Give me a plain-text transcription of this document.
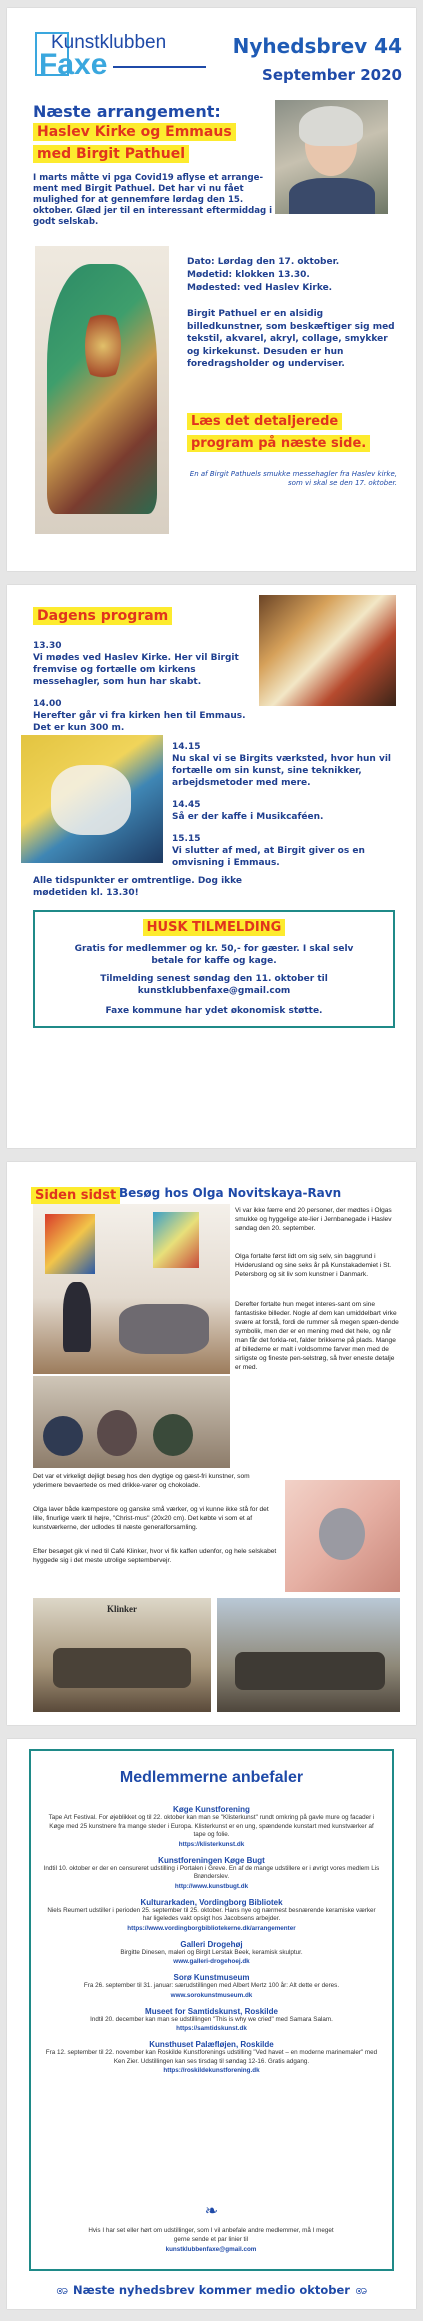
Kunstklubben
Faxe
Nyhedsbrev 44
September 2020
Næste arrangement:
Haslev Kirke og Emmaus
med Birgit Pathuel
I marts måtte vi pga Covid19 aflyse et arrange-ment med Birgit Pathuel. Det har vi nu fået mulighed for at gennemføre lørdag den 15. oktober. Glæd jer til en interessant eftermiddag i godt selskab.
Dato: Lørdag den 17. oktober.
Mødetid: klokken 13.30.
Mødested: ved Haslev Kirke.
Birgit Pathuel er en alsidig billedkunstner, som beskæftiger sig med tekstil, akvarel, akryl, collage, smykker og kirkekunst. Desuden er hun foredragsholder og underviser.
Læs det detaljerede program på næste side.
En af Birgit Pathuels smukke messehagler fra Haslev kirke, som vi skal se den 17. oktober.
Dagens program
13.30
Vi mødes ved Haslev Kirke. Her vil Birgit fremvise og fortælle om kirkens messehagler, som hun har skabt.
14.00
Herefter går vi fra kirken hen til Emmaus. Det er kun 300 m.
14.15
Nu skal vi se Birgits værksted, hvor hun vil fortælle om sin kunst, sine teknikker, arbejdsmetoder med mere.
14.45
Så er der kaffe i Musikcaféen.
15.15
Vi slutter af med, at Birgit giver os en omvisning i Emmaus.
Alle tidspunkter er omtrentlige. Dog ikke mødetiden kl. 13.30!
HUSK TILMELDING
Gratis for medlemmer og kr. 50,- for gæster. I skal selv betale for kaffe og kage.
Tilmelding senest søndag den 11. oktober til
kunstklubbenfaxe@gmail.com
Faxe kommune har ydet økonomisk støtte.
Siden sidst Besøg hos Olga Novitskaya-Ravn
Vi var ikke færre end 20 personer, der mødtes i Olgas smukke og hyggelige ate-lier i Jernbanegade i Haslev søndag den 20. september.
Olga fortalte først lidt om sig selv, sin baggrund i Hviderusland og sine seks år på Kunstakademiet i St. Petersborg og sit liv som kunstner i Danmark.
Derefter fortalte hun meget interes-sant om sine fantastiske billeder. Nogle af dem kan umiddelbart virke svære at forstå, fordi de rummer så megen spæn-dende symbolik, men der er en mening med det hele, og når man får det forkla-ret, falder brikkerne på plads. Mange af billederne er malt i voldsomme farver men med de sirligste og fineste pen-selstrøg, så hver eneste detalje er med.
Det var et virkeligt dejligt besøg hos den dygtige og gæst-fri kunstner, som yderimere bevaertede os med drikke-varer og chokolade.
Olga laver både kæmpestore og ganske små værker, og vi kunne ikke stå for det lille, finurlige værk til højre, "Christ-mus" (20x20 cm). Det købte vi som et af kunstværkerne, der udlodes til næste generalforsamling.
Efter besøget gik vi ned til Café Klinker, hvor vi fik kaffen udenfor, og hele selskabet hyggede sig i det meste utrolige septembervejr.
Klinker
Medlemmerne anbefaler
Køge Kunstforening
Tape Art Festival. For øjeblikket og til 22. oktober kan man se "Klisterkunst" rundt omkring på gavle mure og facader i Køge med 25 kunstnere fra mange steder i Europa. Klisterkunst er en ung, spændende kunstart med kunstværker af tape og folie.
https://klisterkunst.dk
Kunstforeningen Køge Bugt
Indtil 10. oktober er der en censureret udstilling i Portalen i Greve. En af de mange udstillere er i øvrigt vores medlem Lis Brønderslev.
http://www.kunstbugt.dk
Kulturarkaden, Vordingborg Bibliotek
Niels Reumert udstiller i perioden 25. september til 25. oktober. Hans nye og nærmest besnærende keramiske værker har ligeledes vakt opsigt hos Jacobsens arbejder.
https://www.vordingborgbibliotekerne.dk/arrangementer
Galleri Drogehøj
Birgitte Dinesen, maleri og Birgit Lerstak Beek, keramisk skulptur.
www.galleri-drogehoej.dk
Sorø Kunstmuseum
Fra 26. september til 31. januar: særudstillingen med Albert Mertz 100 år: Alt dette er deres.
www.sorokunstmuseum.dk
Museet for Samtidskunst, Roskilde
Indtil 20. december kan man se udstillingen "This is why we cried" med Samara Salam.
https://samtidskunst.dk
Kunsthuset Palæfløjen, Roskilde
Fra 12. september til 22. november kan Roskilde Kunstforenings udstilling "Ved havet – en moderne marinemaler" med Ken Zier. Udstillingen kan ses tirsdag til søndag 12-16. Gratis adgang.
https://roskildekunstforening.dk
❧
Hvis I har set eller hørt om udstillinger, som I vil anbefale andre medlemmer, må I meget gerne sende et par linier til
kunstklubbenfaxe@gmail.com
ꩨ Næste nyhedsbrev kommer medio oktober ꩨ
